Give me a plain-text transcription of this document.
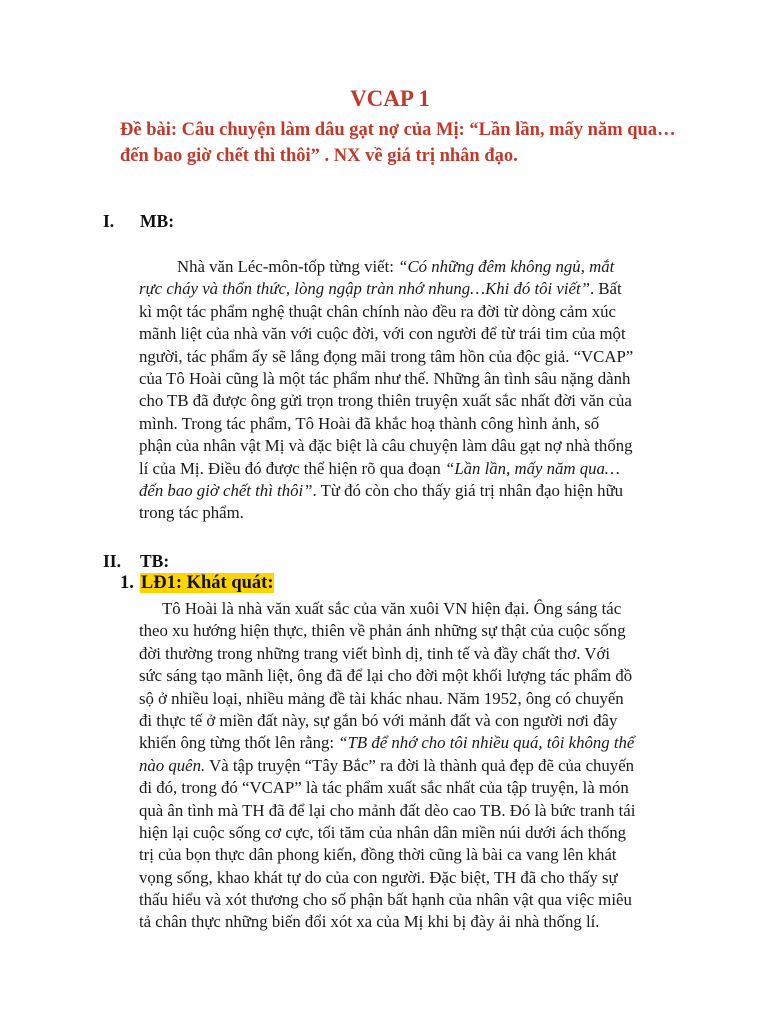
VCAP 1
Đề bài: Câu chuyện làm dâu gạt nợ của Mị: “Lần lần, mấy năm qua…
đến bao giờ chết thì thôi” . NX về giá trị nhân đạo.
I. MB:
Nhà văn Léc-môn-tốp từng viết: “Có những đêm không ngủ, mắt
rực cháy và thổn thức, lòng ngập tràn nhớ nhung…Khi đó tôi viết”. Bất
kì một tác phẩm nghệ thuật chân chính nào đều ra đời từ dòng cảm xúc
mãnh liệt của nhà văn với cuộc đời, với con người để từ trái tim của một
người, tác phẩm ấy sẽ lắng đọng mãi trong tâm hồn của độc giả. “VCAP”
của Tô Hoài cũng là một tác phẩm như thế. Những ân tình sâu nặng dành
cho TB đã được ông gửi trọn trong thiên truyện xuất sắc nhất đời văn của
mình. Trong tác phẩm, Tô Hoài đã khắc hoạ thành công hình ảnh, số
phận của nhân vật Mị và đặc biệt là câu chuyện làm dâu gạt nợ nhà thống
lí của Mị. Điều đó được thể hiện rõ qua đoạn “Lần lần, mấy năm qua…
đến bao giờ chết thì thôi”. Từ đó còn cho thấy giá trị nhân đạo hiện hữu
trong tác phẩm.
II. TB:
1. LĐ1: Khát quát:
Tô Hoài là nhà văn xuất sắc của văn xuôi VN hiện đại. Ông sáng tác
theo xu hướng hiện thực, thiên về phản ánh những sự thật của cuộc sống
đời thường trong những trang viết bình dị, tinh tế và đầy chất thơ. Với
sức sáng tạo mãnh liệt, ông đã để lại cho đời một khối lượng tác phẩm đồ
sộ ở nhiều loại, nhiều mảng đề tài khác nhau. Năm 1952, ông có chuyến
đi thực tế ở miền đất này, sự gắn bó với mảnh đất và con người nơi đây
khiến ông từng thốt lên rằng: “TB để nhớ cho tôi nhiều quá, tôi không thể
nào quên. Và tập truyện “Tây Bắc” ra đời là thành quả đẹp đẽ của chuyến
đi đó, trong đó “VCAP” là tác phẩm xuất sắc nhất của tập truyện, là món
quà ân tình mà TH đã để lại cho mảnh đất dèo cao TB. Đó là bức tranh tái
hiện lại cuộc sống cơ cực, tối tăm của nhân dân miền núi dưới ách thống
trị của bọn thực dân phong kiến, đồng thời cũng là bài ca vang lên khát
vọng sống, khao khát tự do của con người. Đặc biệt, TH đã cho thấy sự
thấu hiểu và xót thương cho số phận bất hạnh của nhân vật qua việc miêu
tả chân thực những biến đổi xót xa của Mị khi bị đày ải nhà thống lí.
